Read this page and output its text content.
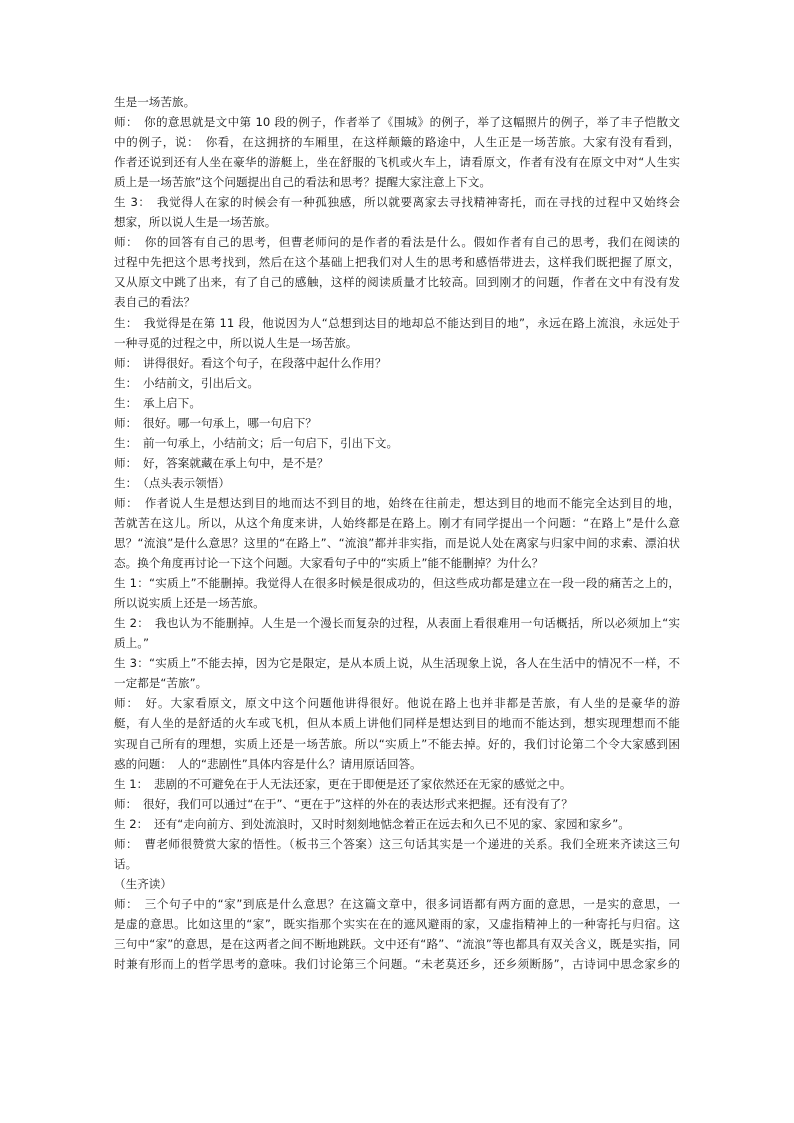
生是一场苦旅。
师：　你的意思就是文中第 10 段的例子，作者举了《围城》的例子，举了这幅照片的例子，举了丰子恺散文
中的例子，说：　你看，在这拥挤的车厢里，在这样颠簸的路途中，人生正是一场苦旅。大家有没有看到，
作者还说到还有人坐在豪华的游艇上，坐在舒服的飞机或火车上，请看原文，作者有没有在原文中对“人生实
质上是一场苦旅”这个问题提出自己的看法和思考？提醒大家注意上下文。
生 3：　我觉得人在家的时候会有一种孤独感，所以就要离家去寻找精神寄托，而在寻找的过程中又始终会
想家，所以说人生是一场苦旅。
师：　你的回答有自己的思考，但曹老师问的是作者的看法是什么。假如作者有自己的思考，我们在阅读的
过程中先把这个思考找到，然后在这个基础上把我们对人生的思考和感悟带进去，这样我们既把握了原文，
又从原文中跳了出来，有了自己的感触，这样的阅读质量才比较高。回到刚才的问题，作者在文中有没有发
表自己的看法？
生：　我觉得是在第 11 段，他说因为人“总想到达目的地却总不能达到目的地”，永远在路上流浪，永远处于
一种寻觅的过程之中，所以说人生是一场苦旅。
师：　讲得很好。看这个句子，在段落中起什么作用？
生：　小结前文，引出后文。
生：　承上启下。
师：　很好。哪一句承上，哪一句启下？
生：　前一句承上，小结前文；后一句启下，引出下文。
师：　好，答案就藏在承上句中，是不是？
生：　（点头表示领悟）
师：　作者说人生是想达到目的地而达不到目的地，始终在往前走，想达到目的地而不能完全达到目的地，
苦就苦在这儿。所以，从这个角度来讲，人始终都是在路上。刚才有同学提出一个问题：“在路上”是什么意
思？“流浪”是什么意思？这里的“在路上”、“流浪”都并非实指，而是说人处在离家与归家中间的求索、漂泊状
态。换个角度再讨论一下这个问题。大家看句子中的“实质上”能不能删掉？为什么？
生 1：“实质上”不能删掉。我觉得人在很多时候是很成功的，但这些成功都是建立在一段一段的痛苦之上的，
所以说实质上还是一场苦旅。
生 2：　我也认为不能删掉。人生是一个漫长而复杂的过程，从表面上看很难用一句话概括，所以必须加上“实
质上。”
生 3：“实质上”不能去掉，因为它是限定，是从本质上说，从生活现象上说，各人在生活中的情况不一样，不
一定都是“苦旅”。
师：　好。大家看原文，原文中这个问题他讲得很好。他说在路上也并非都是苦旅，有人坐的是豪华的游
艇，有人坐的是舒适的火车或飞机，但从本质上讲他们同样是想达到目的地而不能达到，想实现理想而不能
实现自己所有的理想，实质上还是一场苦旅。所以“实质上”不能去掉。好的，我们讨论第二个令大家感到困
惑的问题：　人的“悲剧性”具体内容是什么？请用原话回答。
生 1：　悲剧的不可避免在于人无法还家，更在于即便是还了家依然还在无家的感觉之中。
师：　很好，我们可以通过“在于”、“更在于”这样的外在的表达形式来把握。还有没有了？
生 2：　还有“走向前方、到处流浪时，又时时刻刻地惦念着正在远去和久已不见的家、家园和家乡”。
师：　曹老师很赞赏大家的悟性。（板书三个答案）这三句话其实是一个递进的关系。我们全班来齐读这三句
话。
（生齐读）
师：　三个句子中的“家”到底是什么意思？在这篇文章中，很多词语都有两方面的意思，一是实的意思，一
是虚的意思。比如这里的“家”，既实指那个实实在在的遮风避雨的家，又虚指精神上的一种寄托与归宿。这
三句中“家”的意思，是在这两者之间不断地跳跃。文中还有“路”、“流浪”等也都具有双关含义，既是实指，同
时兼有形而上的哲学思考的意味。我们讨论第三个问题。“未老莫还乡，还乡须断肠”，古诗词中思念家乡的
